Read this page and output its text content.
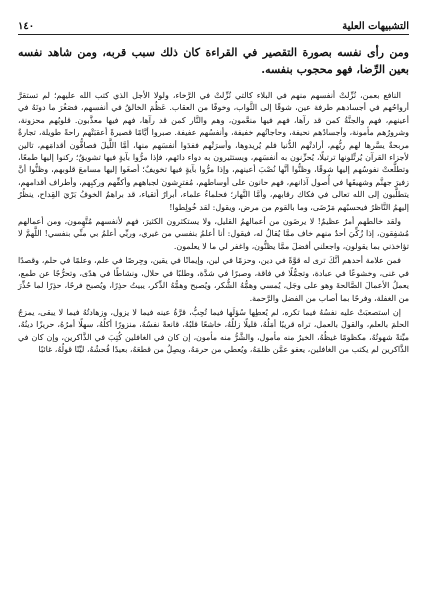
التشبيهات العلية
١٤٠

ومن رأى نفسه بصورة التقصير في القراءة كان ذلك سبب قربه، ومن شاهد نفسه بعين الرِّضا، فهو محجوب بنفسه.

النافع بعمن، نُزِّلتْ أنفسهم منهم في البلاء كالتي نُزِّلتْ في الرَّخاء، ولولا الأجل الذي كتب الله عليهم؛ لم تستقرَّ أرواحُهم في أجسادهم طرفة عين، شوقًا إلى الثَّواب، وخوفًا من العقاب. عَظُمَ الخالقُ في أنفسهم، فصَغُرَ ما دونَهُ في أعينهم، فهم والجنَّةُ كمن قد رآها، فهم فيها منعَّمون، وهم والنَّار كمن قد رآها، فهم فيها معذَّبون. قلوبُهم محزونة، وشرورُهم مأمونة، وأجسادُهم نحيفة، وحاجاتُهم خفيفة، وأنفسُهم عفيفة. صبروا أيَّامًا قصيرةً أعقبَتْهم راحةً طويلة، تجارةٌ مربحةٌ يسَّرها لهم ربُّهم، أرادتْهم الدُّنيا فلم يُريدوها، وأسرَتْهم ففدَوا أنفسَهم منها، أمَّا اللَّيلَ فصافُّون أقدامَهم، تالين لأجزاء القرآن يُرتِّلونها ترتيلًا، يُحزِّنون به أنفسَهم، ويستثيرون به دواء دائهم، فإذا مرُّوا بآيةٍ فيها تشويقٌ؛ ركنوا إليها طمعًا، وتطلَّعتْ نفوسُهم إليها شوقًا، وظنُّوا أنَّها نُصْبَ أعينهم، وإذا مرُّوا بآيةٍ فيها تخويفٌ؛ أصغَوا إليها مسامعَ قلوبهم، وظنُّوا أنَّ زفيرَ جهنَّم وشهيقَها في أُصول آذانهم، فهم حانون على أوساطهم، مُفترِشون لجباههم وأكفِّهم وركبِهم، وأطراف أقدامهم، يتطلَّبون إلى الله تعالى في فكاك رقابهم، وأمَّا النَّهار؛ فحلماءُ علماء، أبرارٌ أتقياء، قد براهمُ الخوفُ بَرْيَ القِداح، ينظُرُ إليهمُ النَّاظرُ فيحسبُهم مَرْضَى، وما بالقوم من مرض، ويقول: لقد خُولِطوا!

ولقد خالطهم أمرٌ عظيمٌ! لا يرضَون من أعمالهمُ القليل، ولا يستكثرون الكثيرَ، فهم لأنفسهم مُتَّهِمون، ومن أعمالهم مُشفِقون، إذا زُكِّيَ أحدٌ منهم خاف ممَّا يُقالُ له، فيقول: أنا أعلمُ بنفسي من غيري، وربِّي أعلمُ بي منِّي بنفسي! اللَّهمَّ لا تؤاخذني بما يقولون، واجعلني أفضلَ ممَّا يظنُّون، واغفر لي ما لا يعلمون.

فمن علامة أحدهم أنَّكَ ترى له قوَّةً في دين، وحزمًا في لين، وإيمانًا في يقين، وحِرصًا في علم، وعلمًا في حلم، وقصدًا في غنى، وخشوعًا في عبادة، وتجمُّلًا في فاقة، وصبرًا في شدَّة، وطلبًا في حلال، ونشاطًا في هدًى، وتحرُّجًا عن طمع، يعملُ الأعمالَ الصَّالحةَ وهو على وجَل، يُمسي وهمُّهُ الشُّكر، ويُصبح وهمُّهُ الذِّكر، يبيتُ حذِرًا، ويُصبح فرحًا، حذِرًا لما حُذِّرَ من الغفلة، وفرحًا بما أصاب من الفضل والرَّحمة.

إن استصعبَتْ عليه نفسُهُ فيما تكره، لم يُعطِها سُؤلَها فيما تُحِبُّ، قرَّةُ عينه فيما لا يزول، وزهادتُهُ فيما لا يبقى، يمزجُ الحلمَ بالعلم، والقولَ بالعمل، تراه قريبًا أمَلُهُ، قليلًا زللُهُ، خاشعًا قلبُهُ، قانعةً نفسُهُ، منزورًا أكلُهُ، سهلًا أمرُهُ، حريزًا دينُهُ، ميِّتةً شهوتُهُ، مكظومًا غيظُهُ، الخيرُ منه مأمول، والشَّرُّ منه مأمون، إن كان في الغافلين كُتِبَ في الذَّاكرين، وإن كان في الذَّاكرين لم يكتب من الغافلين، يعفو عمَّن ظلمَهُ، ويُعطي من حرمَهُ، ويصِلُ من قطعَهُ، بعيدًا فُحشُهُ، ليِّنًا قولُهُ، غائبًا
